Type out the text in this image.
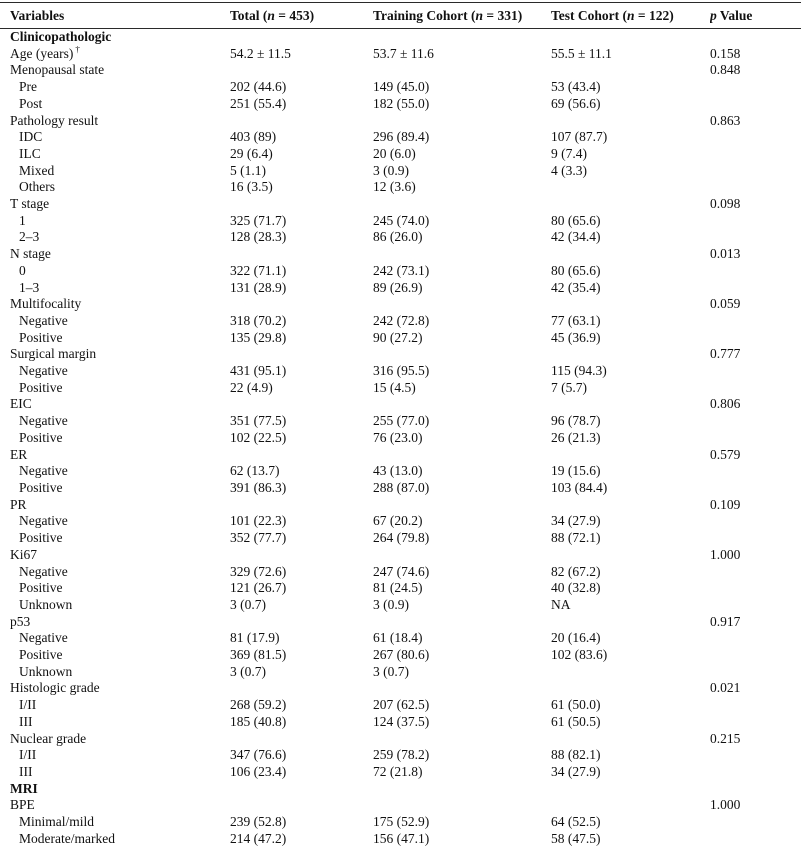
Variables	Total (n = 453)	Training Cohort (n = 331)	Test Cohort (n = 122)	p Value
Clinicopathologic				
Age (years) †	54.2 ± 11.5	53.7 ± 11.6	55.5 ± 11.1	0.158
Menopausal state				0.848
Pre	202 (44.6)	149 (45.0)	53 (43.4)	
Post	251 (55.4)	182 (55.0)	69 (56.6)	
Pathology result				0.863
IDC	403 (89)	296 (89.4)	107 (87.7)	
ILC	29 (6.4)	20 (6.0)	9 (7.4)	
Mixed	5 (1.1)	3 (0.9)	4 (3.3)	
Others	16 (3.5)	12 (3.6)		
T stage				0.098
1	325 (71.7)	245 (74.0)	80 (65.6)	
2–3	128 (28.3)	86 (26.0)	42 (34.4)	
N stage				0.013
0	322 (71.1)	242 (73.1)	80 (65.6)	
1–3	131 (28.9)	89 (26.9)	42 (35.4)	
Multifocality				0.059
Negative	318 (70.2)	242 (72.8)	77 (63.1)	
Positive	135 (29.8)	90 (27.2)	45 (36.9)	
Surgical margin				0.777
Negative	431 (95.1)	316 (95.5)	115 (94.3)	
Positive	22 (4.9)	15 (4.5)	7 (5.7)	
EIC				0.806
Negative	351 (77.5)	255 (77.0)	96 (78.7)	
Positive	102 (22.5)	76 (23.0)	26 (21.3)	
ER				0.579
Negative	62 (13.7)	43 (13.0)	19 (15.6)	
Positive	391 (86.3)	288 (87.0)	103 (84.4)	
PR				0.109
Negative	101 (22.3)	67 (20.2)	34 (27.9)	
Positive	352 (77.7)	264 (79.8)	88 (72.1)	
Ki67				1.000
Negative	329 (72.6)	247 (74.6)	82 (67.2)	
Positive	121 (26.7)	81 (24.5)	40 (32.8)	
Unknown	3 (0.7)	3 (0.9)	NA	
p53				0.917
Negative	81 (17.9)	61 (18.4)	20 (16.4)	
Positive	369 (81.5)	267 (80.6)	102 (83.6)	
Unknown	3 (0.7)	3 (0.7)		
Histologic grade				0.021
I/II	268 (59.2)	207 (62.5)	61 (50.0)	
III	185 (40.8)	124 (37.5)	61 (50.5)	
Nuclear grade				0.215
I/II	347 (76.6)	259 (78.2)	88 (82.1)	
III	106 (23.4)	72 (21.8)	34 (27.9)	
MRI				
BPE				1.000
Minimal/mild	239 (52.8)	175 (52.9)	64 (52.5)	
Moderate/marked	214 (47.2)	156 (47.1)	58 (47.5)	
